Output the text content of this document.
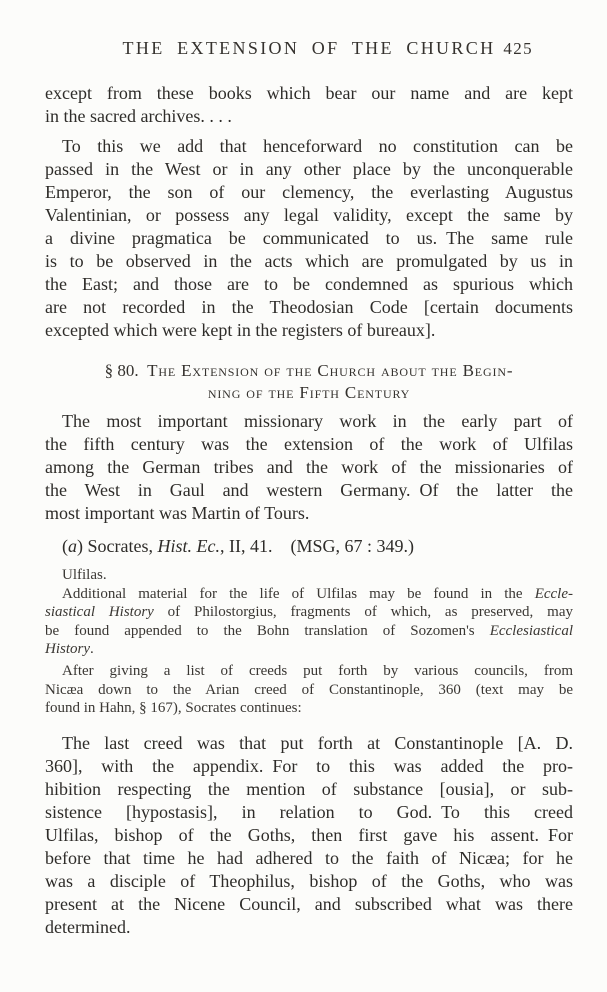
THE EXTENSION OF THE CHURCH 425
except from these books which bear our name and are kept
in the sacred archives. . . .
To this we add that henceforward no constitution can be
passed in the West or in any other place by the unconquerable
Emperor, the son of our clemency, the everlasting Augustus
Valentinian, or possess any legal validity, except the same by
a divine pragmatica be communicated to us. The same rule
is to be observed in the acts which are promulgated by us in
the East; and those are to be condemned as spurious which
are not recorded in the Theodosian Code [certain documents
excepted which were kept in the registers of bureaux].
§ 80. The Extension of the Church about the Begin-
ning of the Fifth Century
The most important missionary work in the early part of
the fifth century was the extension of the work of Ulfilas
among the German tribes and the work of the missionaries of
the West in Gaul and western Germany. Of the latter the
most important was Martin of Tours.
(a) Socrates, Hist. Ec., II, 41.  (MSG, 67 : 349.)
Ulfilas.
Additional material for the life of Ulfilas may be found in the Eccle-
siastical History of Philostorgius, fragments of which, as preserved, may
be found appended to the Bohn translation of Sozomen's Ecclesiastical
History.
After giving a list of creeds put forth by various councils, from
Nicæa down to the Arian creed of Constantinople, 360 (text may be
found in Hahn, § 167), Socrates continues:
The last creed was that put forth at Constantinople [A. D.
360], with the appendix. For to this was added the pro-
hibition respecting the mention of substance [ousia], or sub-
sistence [hypostasis], in relation to God. To this creed
Ulfilas, bishop of the Goths, then first gave his assent. For
before that time he had adhered to the faith of Nicæa; for he
was a disciple of Theophilus, bishop of the Goths, who was
present at the Nicene Council, and subscribed what was there
determined.
